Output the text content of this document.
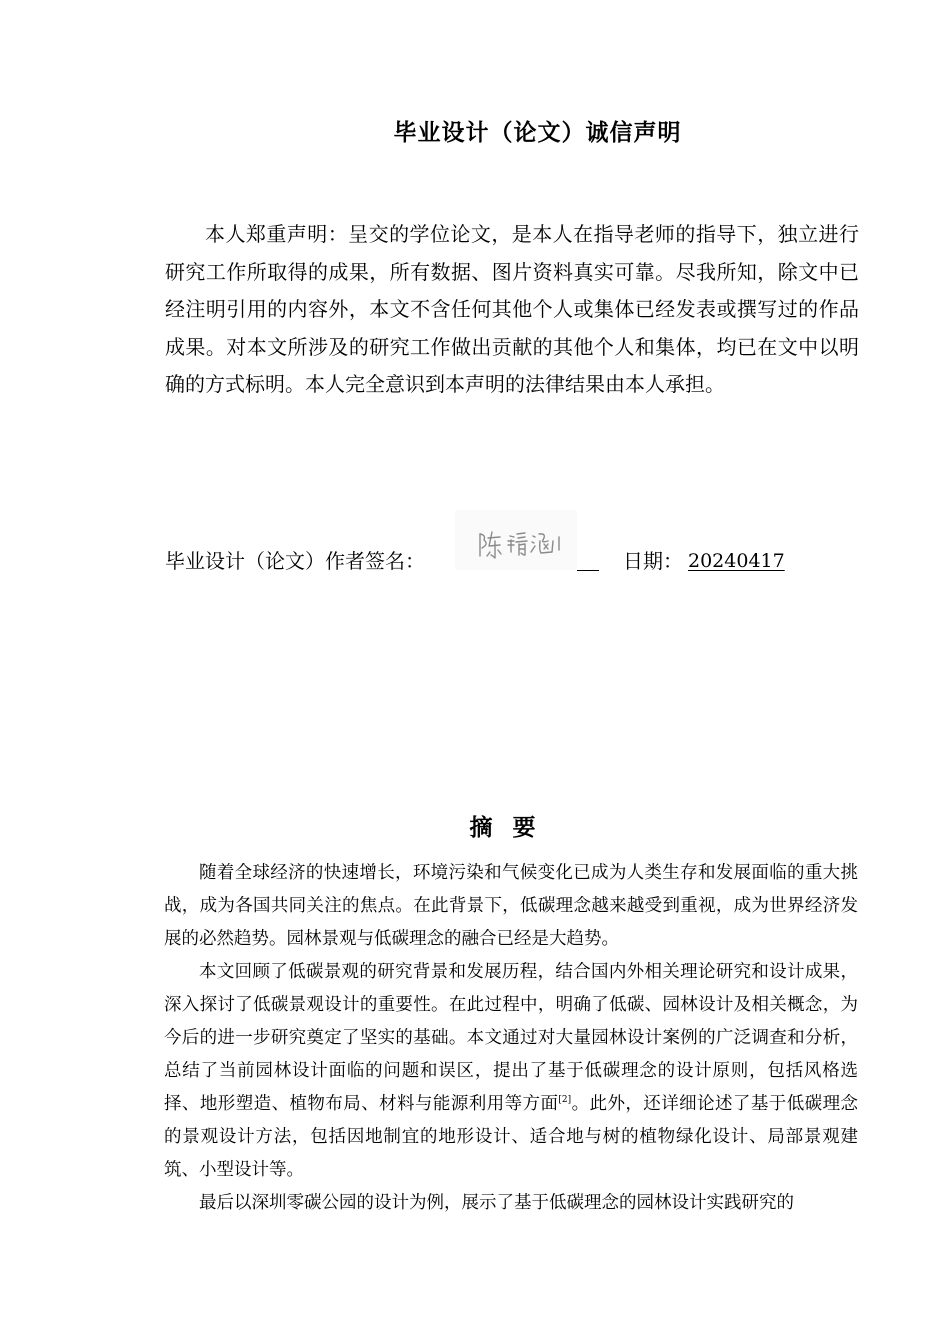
毕业设计（论文）诚信声明

本人郑重声明：呈交的学位论文，是本人在指导老师的指导下，独立进行研究工作所取得的成果，所有数据、图片资料真实可靠。尽我所知，除文中已经注明引用的内容外，本文不含任何其他个人或集体已经发表或撰写过的作品成果。对本文所涉及的研究工作做出贡献的其他个人和集体，均已在文中以明确的方式标明。本人完全意识到本声明的法律结果由本人承担。

毕业设计（论文）作者签名：	日期： 20240417
摘要

随着全球经济的快速增长，环境污染和气候变化已成为人类生存和发展面临的重大挑战，成为各国共同关注的焦点。在此背景下，低碳理念越来越受到重视，成为世界经济发展的必然趋势。园林景观与低碳理念的融合已经是大趋势。

本文回顾了低碳景观的研究背景和发展历程，结合国内外相关理论研究和设计成果，深入探讨了低碳景观设计的重要性。在此过程中，明确了低碳、园林设计及相关概念，为今后的进一步研究奠定了坚实的基础。本文通过对大量园林设计案例的广泛调查和分析，总结了当前园林设计面临的问题和误区，提出了基于低碳理念的设计原则，包括风格选择、地形塑造、植物布局、材料与能源利用等方面[2]。此外，还详细论述了基于低碳理念的景观设计方法，包括因地制宜的地形设计、适合地与树的植物绿化设计、局部景观建筑、小型设计等。

最后以深圳零碳公园的设计为例，展示了基于低碳理念的园林设计实践研究的
